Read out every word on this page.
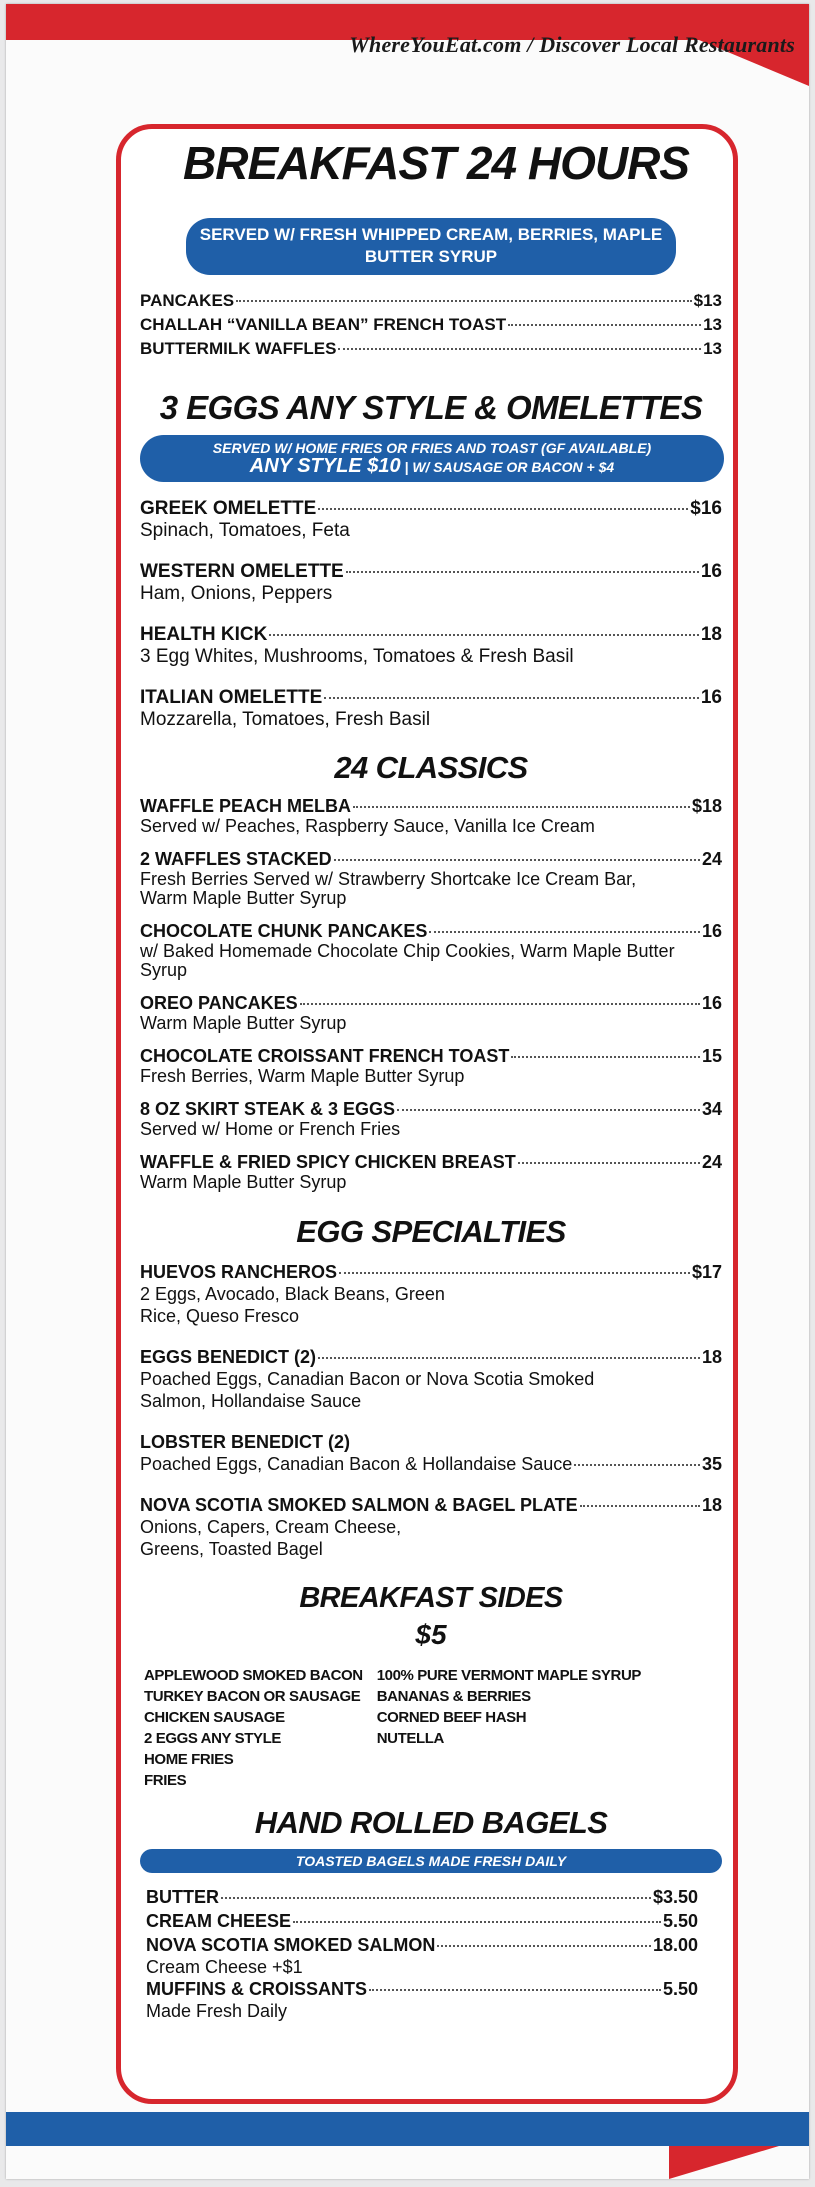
WhereYouEat.com / Discover Local Restaurants
BREAKFAST 24 HOURS
SERVED W/ FRESH WHIPPED CREAM, BERRIES, MAPLE BUTTER SYRUP
PANCAKES	$13
CHALLAH “VANILLA BEAN” FRENCH TOAST	13
BUTTERMILK WAFFLES	13
3 EGGS ANY STYLE & OMELETTES
SERVED W/ HOME FRIES OR FRIES AND TOAST (GF AVAILABLE)
ANY STYLE $10 | W/ SAUSAGE OR BACON + $4
GREEK OMELETTE	$16
Spinach, Tomatoes, Feta
WESTERN OMELETTE	16
Ham, Onions, Peppers
HEALTH KICK	18
3 Egg Whites, Mushrooms, Tomatoes & Fresh Basil
ITALIAN OMELETTE	16
Mozzarella, Tomatoes, Fresh Basil
24 CLASSICS
WAFFLE PEACH MELBA	$18
Served w/ Peaches, Raspberry Sauce, Vanilla Ice Cream
2 WAFFLES STACKED	24
Fresh Berries Served w/ Strawberry Shortcake Ice Cream Bar, Warm Maple Butter Syrup
CHOCOLATE CHUNK PANCAKES	16
w/ Baked Homemade Chocolate Chip Cookies, Warm Maple Butter Syrup
OREO PANCAKES	16
Warm Maple Butter Syrup
CHOCOLATE CROISSANT FRENCH TOAST	15
Fresh Berries, Warm Maple Butter Syrup
8 OZ SKIRT STEAK & 3 EGGS	34
Served w/ Home or French Fries
WAFFLE & FRIED SPICY CHICKEN BREAST	24
Warm Maple Butter Syrup
EGG SPECIALTIES
HUEVOS RANCHEROS	$17
2 Eggs, Avocado, Black Beans, Green Rice, Queso Fresco
EGGS BENEDICT (2)	18
Poached Eggs, Canadian Bacon or Nova Scotia Smoked Salmon, Hollandaise Sauce
LOBSTER BENEDICT (2)
Poached Eggs, Canadian Bacon & Hollandaise Sauce	35
NOVA SCOTIA SMOKED SALMON & BAGEL PLATE	18
Onions, Capers, Cream Cheese, Greens, Toasted Bagel
BREAKFAST SIDES
$5
APPLEWOOD SMOKED BACON
TURKEY BACON OR SAUSAGE
CHICKEN SAUSAGE
2 EGGS ANY STYLE
HOME FRIES
FRIES
100% PURE VERMONT MAPLE SYRUP
BANANAS & BERRIES
CORNED BEEF HASH
NUTELLA
HAND ROLLED BAGELS
TOASTED BAGELS MADE FRESH DAILY
BUTTER	$3.50
CREAM CHEESE	5.50
NOVA SCOTIA SMOKED SALMON	18.00
Cream Cheese +$1
MUFFINS & CROISSANTS	5.50
Made Fresh Daily
